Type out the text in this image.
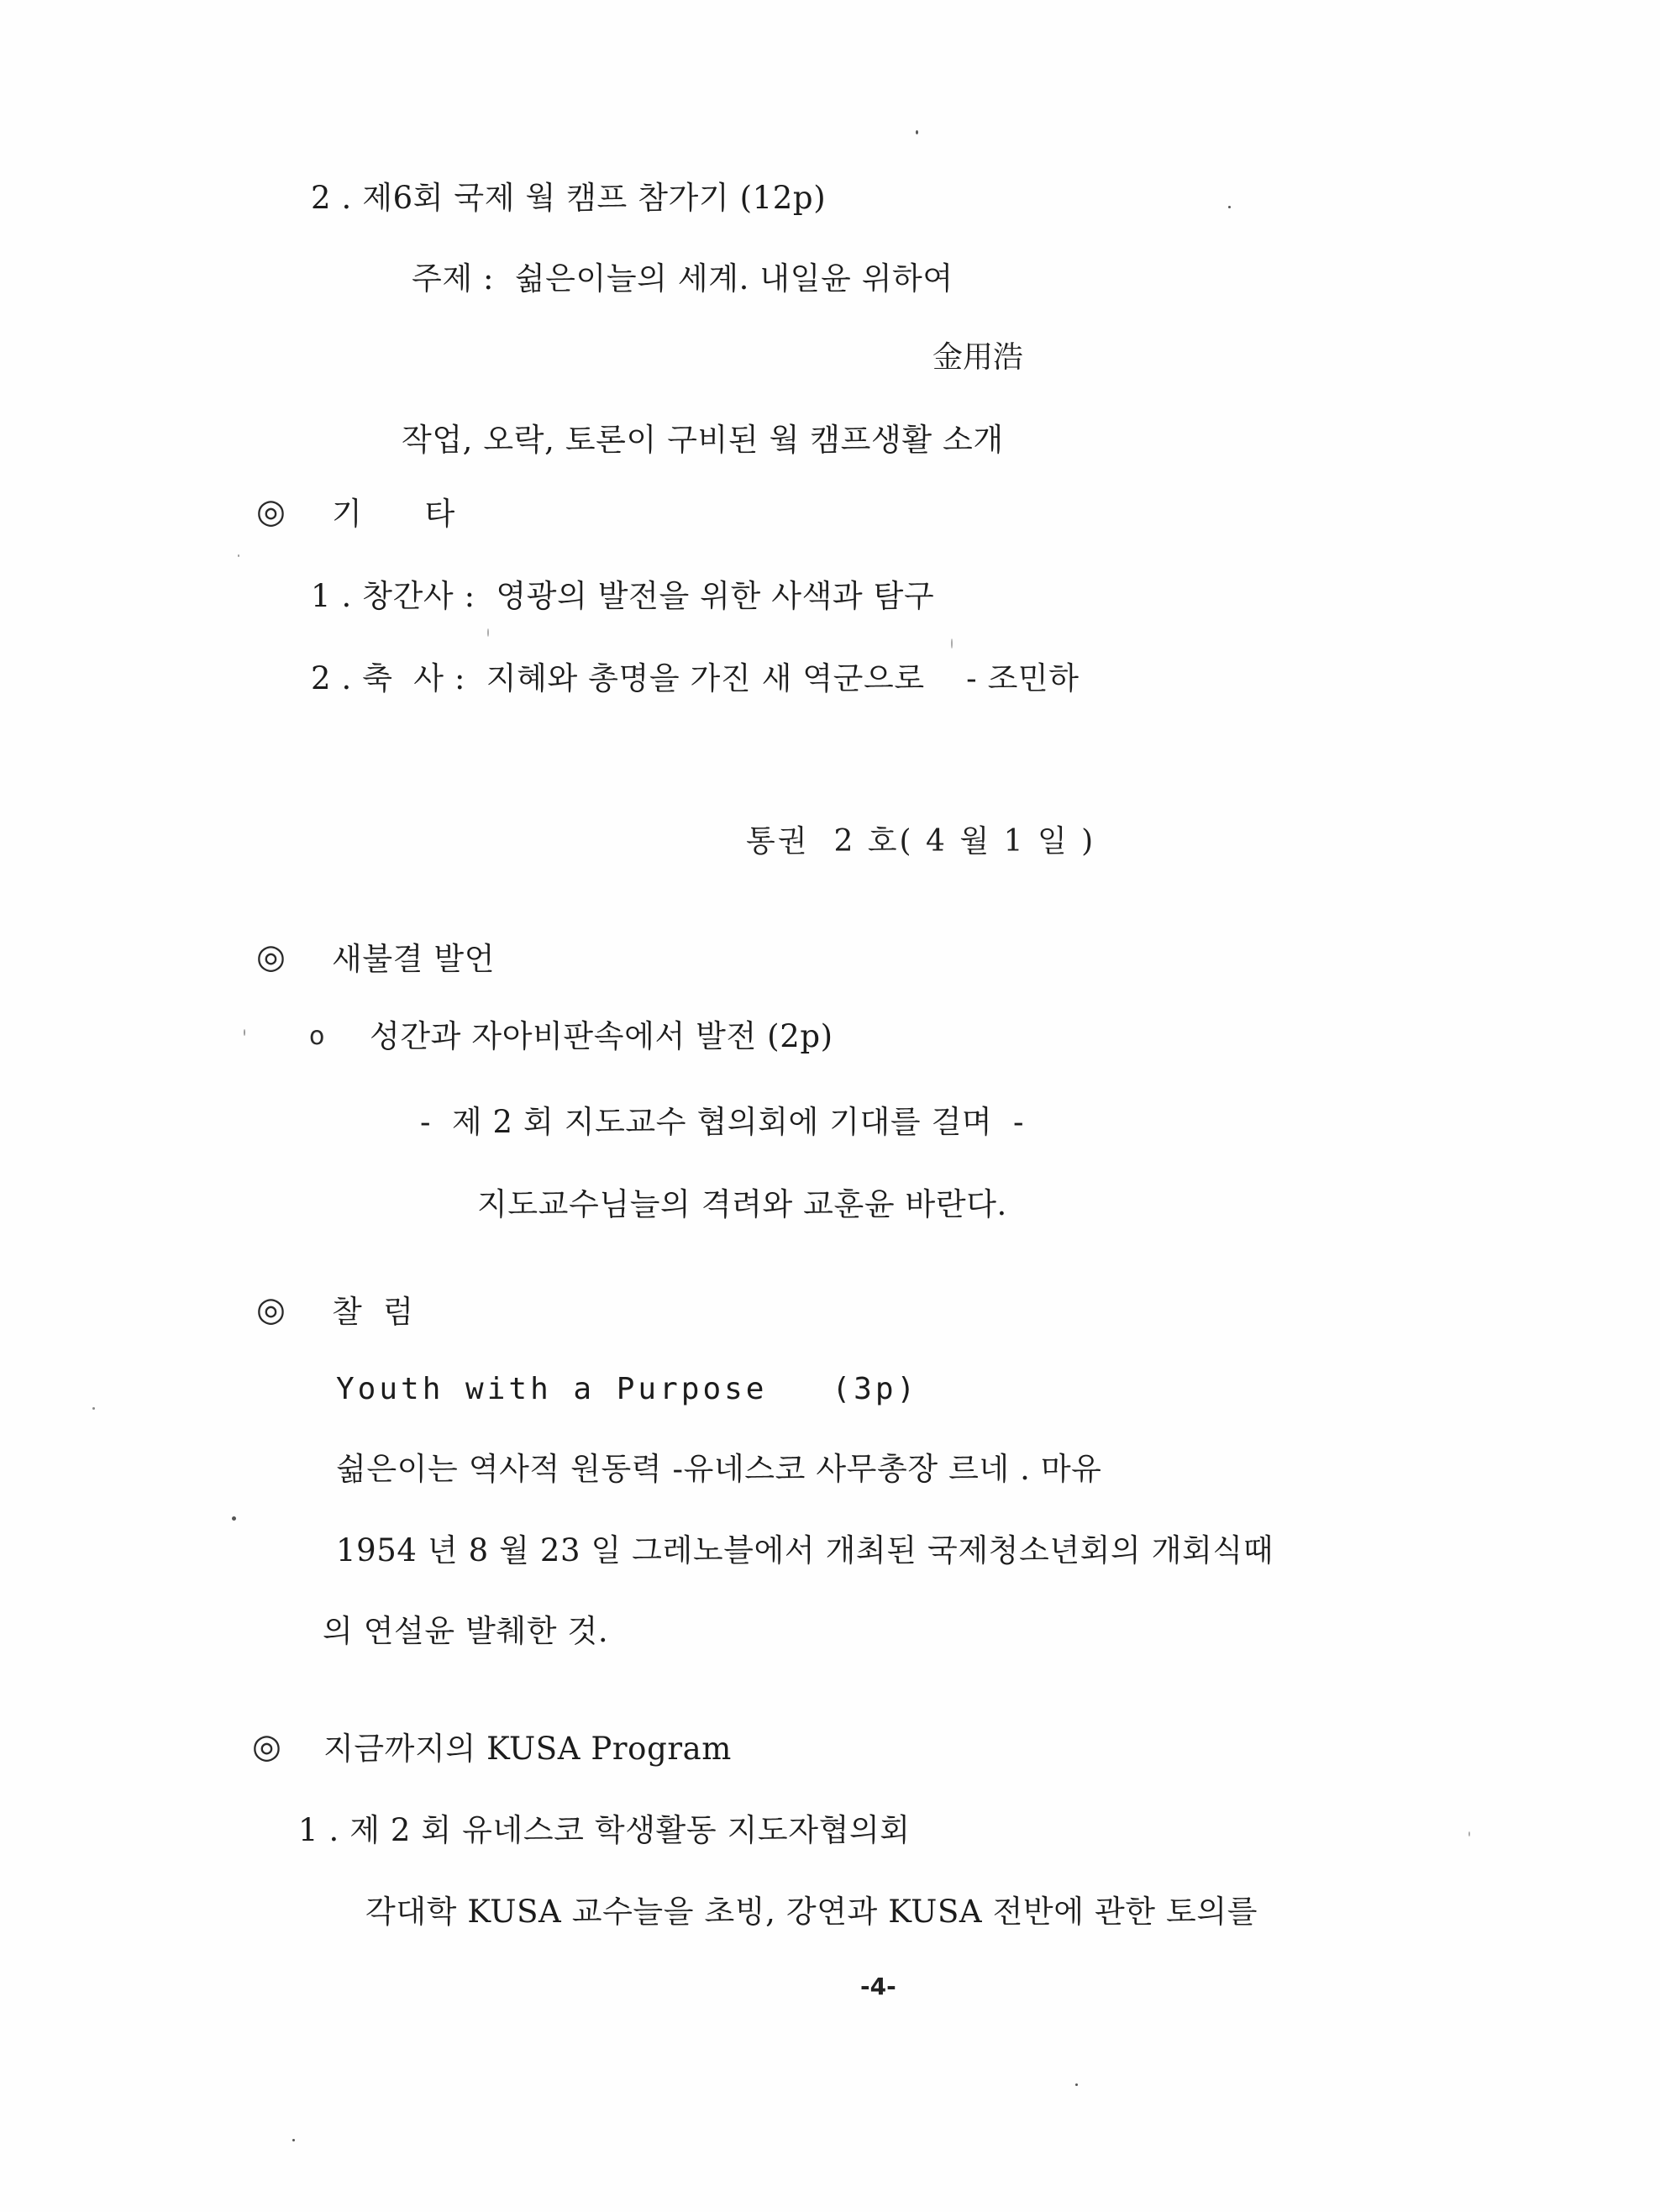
2 . 제6회 국제 웤 캠프 참가기 (12p)
주제 :  쉶은이늘의 세계. 내일윤 위하여
金用浩
작업, 오락, 토론이 구비된 웤 캠프생활 소개
◎ 기      타
1 . 창간사 :  영광의 발전을 위한 사색과 탐구
2 . 축  사 :  지혜와 총명을 가진 새 역군으로    - 조민하
통권  2 호( 4 월 1 일 )
◎ 새불결 발언
o 성간과 자아비판속에서 발전 (2p)
-  제 2 회 지도교수 협의회에 기대를 걸며  -
지도교수님늘의 격려와 교훈윤 바란다.
◎ 찰  럼
Youth with a Purpose   (3p)
쉶은이는 역사적 원동력 -유네스코 사무총장 르네 . 마유
1954 년 8 월 23 일 그레노블에서 개최된 국제청소년회의 개회식때
의 연설윤 발췌한 것.
◎ 지금까지의 KUSA Program
1 . 제 2 회 유네스코 학생활동 지도자협의회
각대학 KUSA 교수늘을 초빙, 강연과 KUSA 전반에 관한 토의를
-4-
